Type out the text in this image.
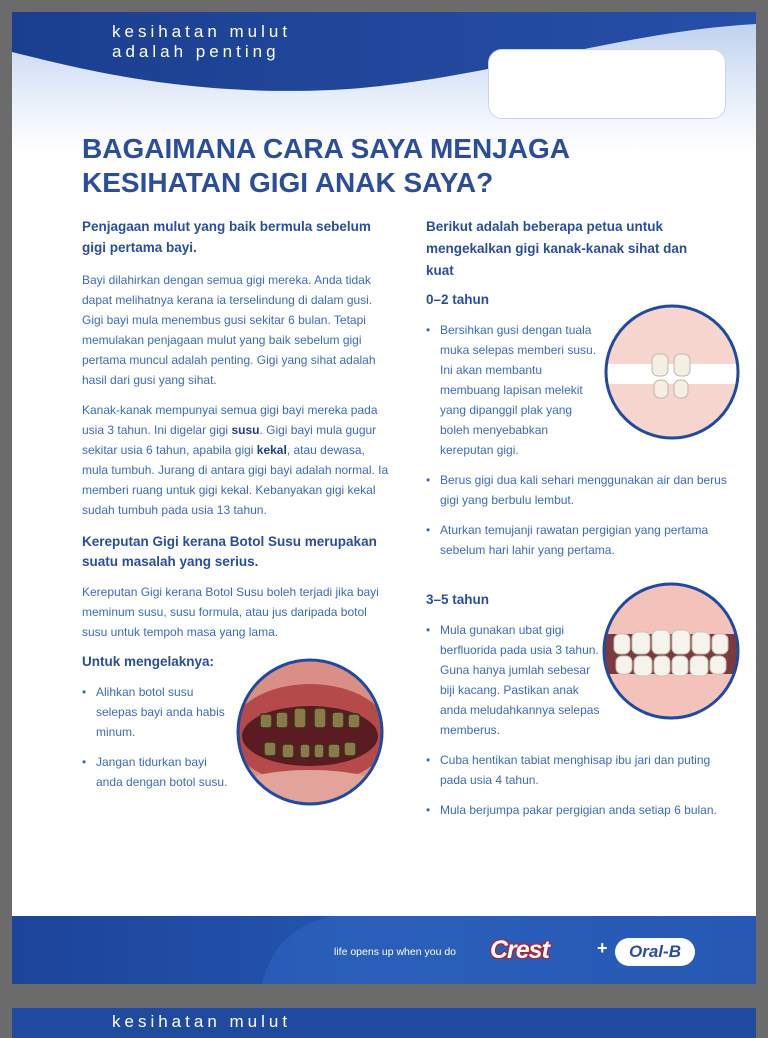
kesihatan mulut
adalah penting
BAGAIMANA CARA SAYA MENJAGA
KESIHATAN GIGI ANAK SAYA?

Penjagaan mulut yang baik bermula sebelum gigi pertama bayi.

Bayi dilahirkan dengan semua gigi mereka. Anda tidak dapat melihatnya kerana ia terselindung di dalam gusi. Gigi bayi mula menembus gusi sekitar 6 bulan. Tetapi memulakan penjagaan mulut yang baik sebelum gigi pertama muncul adalah penting. Gigi yang sihat adalah hasil dari gusi yang sihat.

Kanak-kanak mempunyai semua gigi bayi mereka pada usia 3 tahun. Ini digelar gigi susu. Gigi bayi mula gugur sekitar usia 6 tahun, apabila gigi kekal, atau dewasa, mula tumbuh. Jurang di antara gigi bayi adalah normal. Ia memberi ruang untuk gigi kekal. Kebanyakan gigi kekal sudah tumbuh pada usia 13 tahun.

Kereputan Gigi kerana Botol Susu merupakan suatu masalah yang serius.

Kereputan Gigi kerana Botol Susu boleh terjadi jika bayi meminum susu, susu formula, atau jus daripada botol susu untuk tempoh masa yang lama.

Untuk mengelaknya:

• Alihkan botol susu selepas bayi anda habis minum.
• Jangan tidurkan bayi anda dengan botol susu.

Berikut adalah beberapa petua untuk mengekalkan gigi kanak-kanak sihat dan kuat

0–2 tahun

• Bersihkan gusi dengan tuala muka selepas memberi susu. Ini akan membantu membuang lapisan melekit yang dipanggil plak yang boleh menyebabkan kereputan gigi.
• Berus gigi dua kali sehari menggunakan air dan berus gigi yang berbulu lembut.
• Aturkan temujanji rawatan pergigian yang pertama sebelum hari lahir yang pertama.

3–5 tahun

• Mula gunakan ubat gigi berfluorida pada usia 3 tahun. Guna hanya jumlah sebesar biji kacang. Pastikan anak anda meludahkannya selepas memberus.
• Cuba hentikan tabiat menghisap ibu jari dan puting pada usia 4 tahun.
• Mula berjumpa pakar pergigian anda setiap 6 bulan.
life opens up when you do Crest	+	Oral-B
kesihatan mulut
